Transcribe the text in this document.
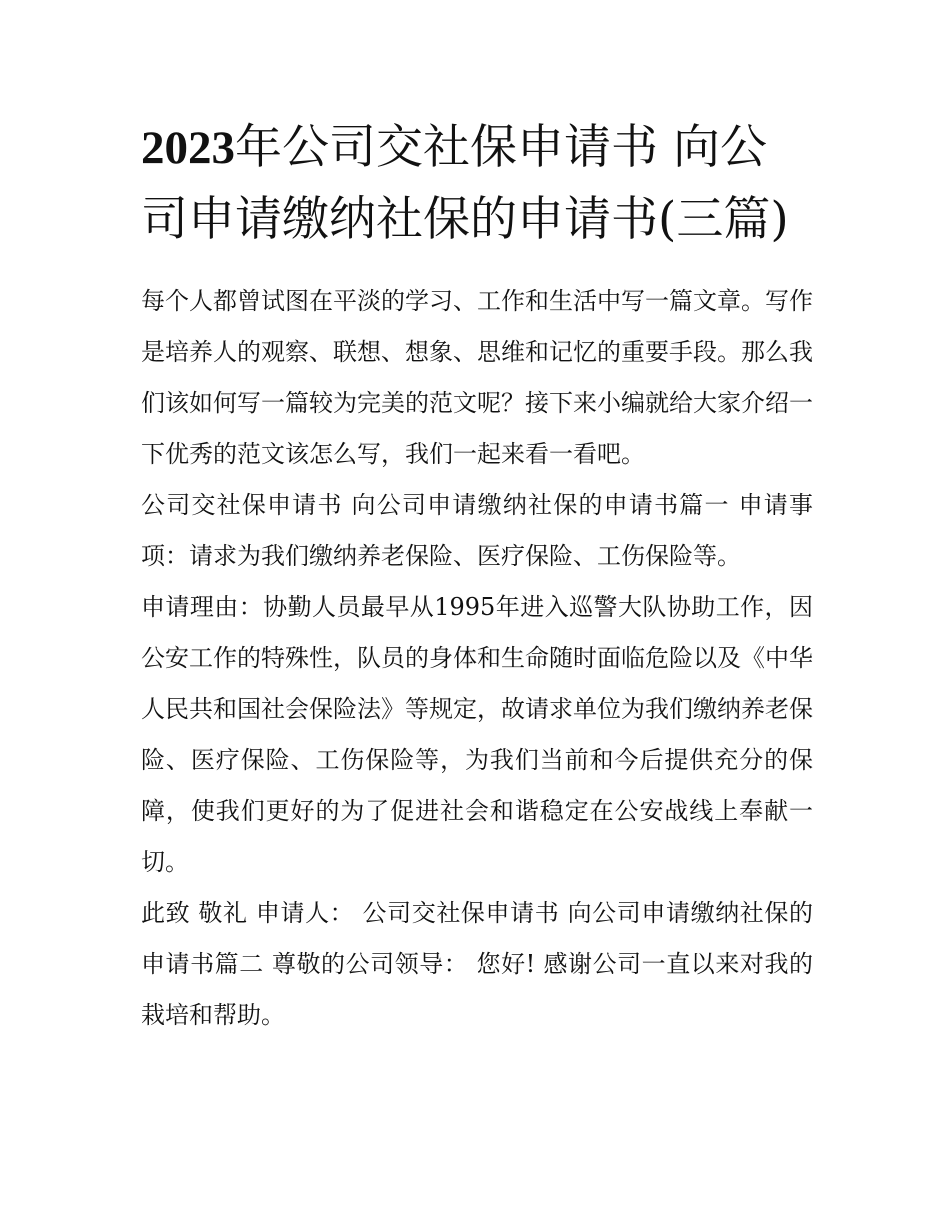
2023年公司交社保申请书 向公司申请缴纳社保的申请书(三篇)

每个人都曾试图在平淡的学习、工作和生活中写一篇文章。写作是培养人的观察、联想、想象、思维和记忆的重要手段。那么我们该如何写一篇较为完美的范文呢？接下来小编就给大家介绍一下优秀的范文该怎么写，我们一起来看一看吧。

公司交社保申请书 向公司申请缴纳社保的申请书篇一 申请事项：请求为我们缴纳养老保险、医疗保险、工伤保险等。

申请理由：协勤人员最早从1995年进入巡警大队协助工作，因公安工作的特殊性，队员的身体和生命随时面临危险以及《中华人民共和国社会保险法》等规定，故请求单位为我们缴纳养老保险、医疗保险、工伤保险等，为我们当前和今后提供充分的保障，使我们更好的为了促进社会和谐稳定在公安战线上奉献一切。

此致 敬礼 申请人： 公司交社保申请书 向公司申请缴纳社保的申请书篇二 尊敬的公司领导： 您好! 感谢公司一直以来对我的栽培和帮助。
